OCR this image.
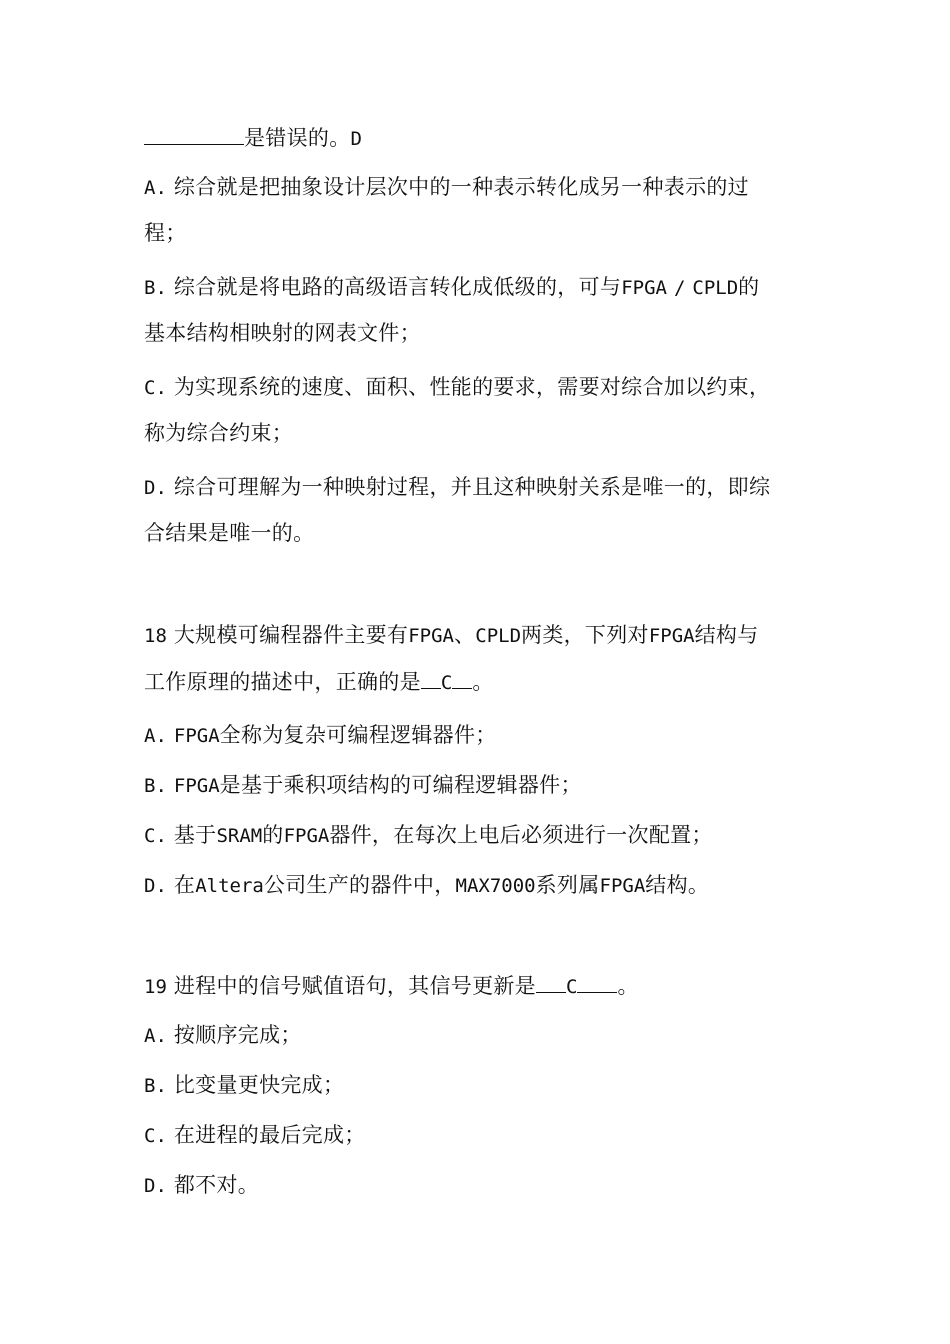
是错误的。D
A. 综合就是把抽象设计层次中的一种表示转化成另一种表示的过
程；
B. 综合就是将电路的高级语言转化成低级的，可与FPGA / CPLD的
基本结构相映射的网表文件；
C. 为实现系统的速度、面积、性能的要求，需要对综合加以约束，
称为综合约束；
D. 综合可理解为一种映射过程，并且这种映射关系是唯一的，即综
合结果是唯一的。
18 大规模可编程器件主要有FPGA、CPLD两类，下列对FPGA结构与
工作原理的描述中，正确的是 C 。
A. FPGA全称为复杂可编程逻辑器件；
B. FPGA是基于乘积项结构的可编程逻辑器件；
C. 基于SRAM的FPGA器件，在每次上电后必须进行一次配置；
D. 在Altera公司生产的器件中，MAX7000系列属FPGA结构。
19 进程中的信号赋值语句，其信号更新是 C 。
A. 按顺序完成；
B. 比变量更快完成；
C. 在进程的最后完成；
D. 都不对。
